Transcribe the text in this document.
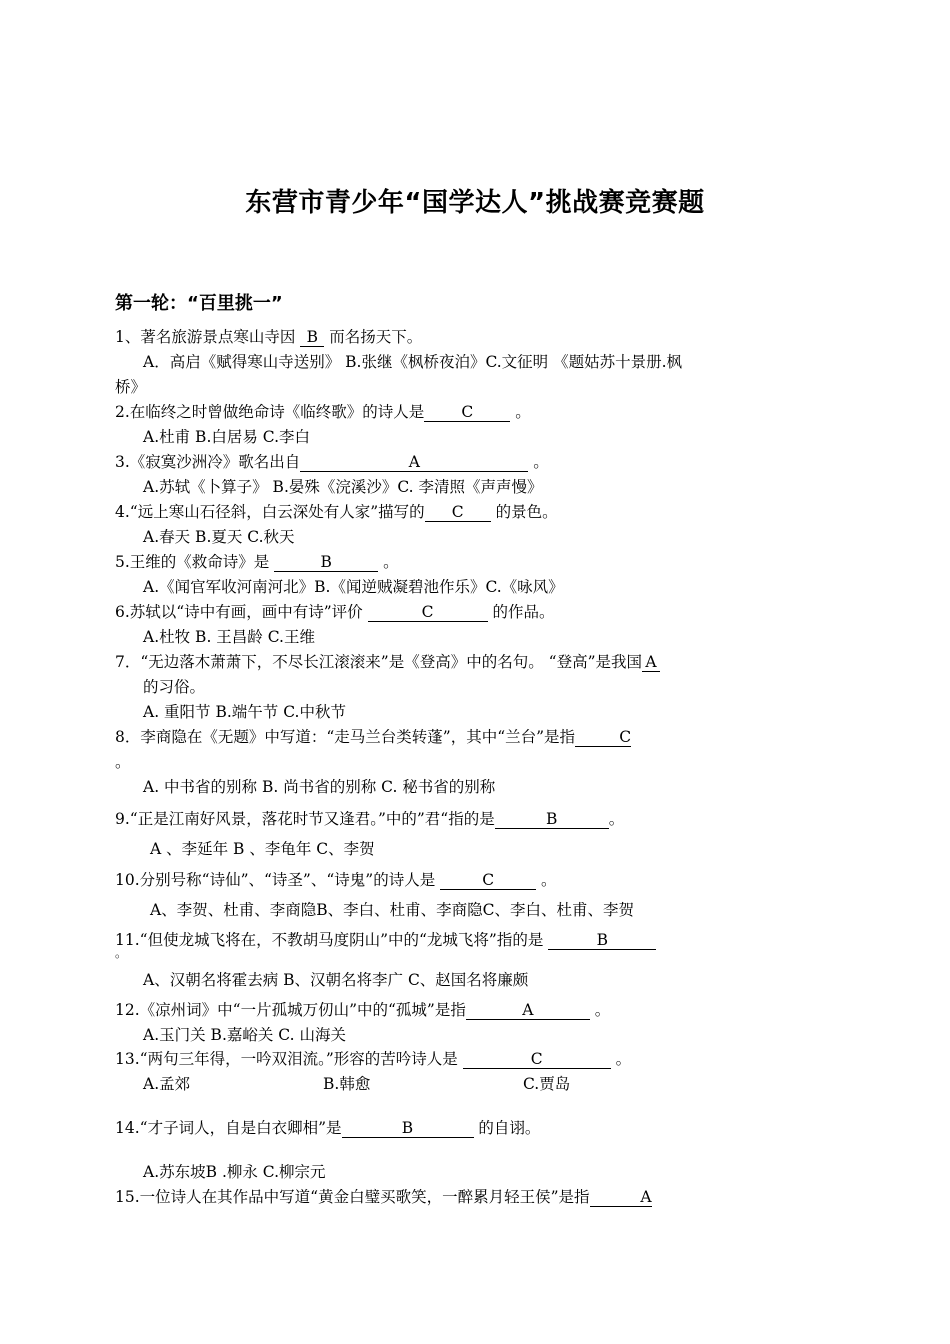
东营市青少年“国学达人”挑战赛竞赛题
第一轮：“百里挑一”
1、著名旅游景点寒山寺因 B 而名扬天下。
A．高启《赋得寒山寺送别》 B.张继《枫桥夜泊》C.文征明 《题姑苏十景册.枫
桥》
2.在临终之时曾做绝命诗《临终歌》的诗人是 C 。
A.杜甫 B.白居易 C.李白
3.《寂寞沙洲冷》歌名出自	A	。
A.苏轼《卜算子》 B.晏殊《浣溪沙》C. 李清照《声声慢》
4.“远上寒山石径斜，白云深处有人家”描写的 C 的景色。
A.春天 B.夏天 C.秋天
5.王维的《救命诗》是	B	。
A.《闻官军收河南河北》B.《闻逆贼凝碧池作乐》C.《咏风》
6.苏轼以“诗中有画，画中有诗”评价	C	的作品。
A.杜牧 B. 王昌龄 C.王维
7．“无边落木萧萧下，不尽长江滚滚来”是《登高》中的名句。 “登高”是我国 A
的习俗。
A. 重阳节 B.端午节 C.中秋节
8．李商隐在《无题》中写道：“走马兰台类转蓬”，其中“兰台”是指	C
。
A. 中书省的别称 B. 尚书省的别称 C. 秘书省的别称
9.“正是江南好风景，落花时节又逢君。”中的”君“指的是	B	。
A 、李延年 B 、李龟年 C、李贺
10.分别号称“诗仙”、“诗圣”、“诗鬼”的诗人是	C	。
A、李贺、杜甫、李商隐B、李白、杜甫、李商隐C、李白、杜甫、李贺
11.“但使龙城飞将在，不教胡马度阴山”中的“龙城飞将”指的是	B
。
A、汉朝名将霍去病 B、汉朝名将李广 C、赵国名将廉颇
12.《凉州词》中“一片孤城万仞山”中的“孤城”是指	A	。
A.玉门关 B.嘉峪关 C. 山海关
13.“两句三年得，一吟双泪流。”形容的苦吟诗人是	C	。
A.孟郊	B.韩愈	C.贾岛
14.“才子词人，自是白衣卿相”是	B	的自诩。
A.苏东坡B .柳永 C.柳宗元
15.一位诗人在其作品中写道“黄金白璧买歌笑，一醉累月轻王侯”是指	A
